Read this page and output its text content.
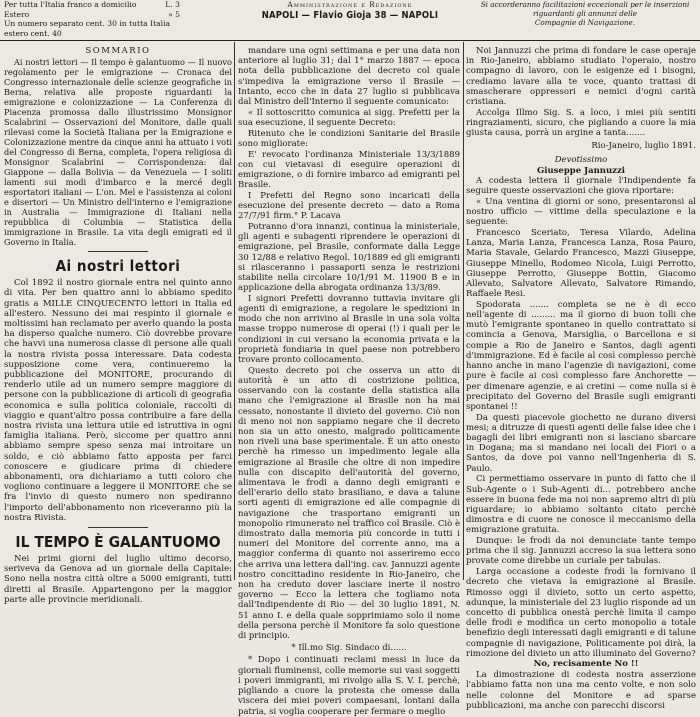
Per tutta l'Italia franco a domicilio	L. 3
Estero	» 5
Un numero separato cent. 30 in tutta Italia
estero cent. 40
Amministrazione e Redazione
NAPOLI — Flavio Gioja 38 — NAPOLI
Si accorderanno facilitazioni eccezionali per le inserzioni riguardanti gli annunzi delle
Compagnie di Navigazione.
SOMMARIO
Ai nostri lettori — Il tempo è galantuomo — Il nuovo regolamento per le emigrazione — Cronaca del Congresso internazionale delle scienze geografiche in Berna, relativa alle proposte riguardanti la emigrazione e colonizzazione — La Conferenza di Piacenza promossa dallo illustrissimo Monsignor Scalabrini — Osservazioni del Monitore, dalle quali rilevasi come la Società Italiana per la Emigrazione e Colonizzazione mentre da cinque anni ha attuato i voti del Congresso di Berna, completa, l'opera religiosa di Monsignor Scalabrini — Corrispondenza: dal Giappone — dalla Bolivia — da Venezuela — I soliti lamenti sui modi d'imbarco e la mercé degli esportatori italiani — L'on. Mel e l'assistenza ai coloni e disertori — Un Ministro dell'interno e l'emigrazione in Australia — Immigrazione di Italiani nella repubblica di Columbia — Statistica della immigrazione in Brasile. La vita degli emigrati ed il Governo in Italia.
Ai nostri lettori

Col 1892 il nostro giornale entra nel quinto anno di vita. Per ben quattro anni lo abbiamo spedito gratis a MILLE CINQUECENTO lettori in Italia ed all'estero. Nessuno dei mai respinto il giornale e moltissimi han reclamato per averlo quando la posta ha disperso qualche numero. Ciò dovrebbe provare che havvi una numerosa classe di persone alle quali la nostra rivista possa interessare. Data codesta supposizione come vera, continueremo la pubblicazione del MONITORE, procurando di renderlo utile ad un numero sempre maggiore di persone con la pubblicazione di articoli di geografia economica e sulla politica coloniale, raccolti di viaggio e quant'altro possa contribuire a fare della nostra rivista una lettura utile ed istruttiva in ogni famiglia italiana. Però, siccome per quattro anni abbiamo sempre speso senza mai introitare un soldo, e ciò abbiamo fatto apposta per farci conoscere e giudicare prima di chiedere abbonamenti, ora dichiariamo a tutti coloro che vogliono continuare a leggere il MONITORE che se fra l'invio di questo numero non spediranno l'importo dell'abbonamento non riceveranno più la nostra Rivista.

IL TEMPO È GALANTUOMO

Nei primi giorni del luglio ultimo decorso, seriveva da Genova ad un giornale della Capitale: Sono nella nostra città oltre a 5000 emigranti, tutti diretti al Brasile. Appartengono per la maggior parte alle provincie meridionali.

mandare una ogni settimana e per una data non anteriore al luglio 31; dal 1° marzo 1887 — epoca nota della pubblicazione del decreto col quale s'impediva la emigrazione verso il Brasile — Intanto, ecco che in data 27 luglio si pubblicava dal Ministro dell'Interno il seguente comunicato:

« Il sottoscritto comunica ai sigg. Prefetti per la sua esecuzione, il seguente Decreto:

Ritenuto che le condizioni Sanitarie del Brasile sono migliorate:

E' revocato l'ordinanza Ministeriale 13/3/1889 con cui vietavasi di eseguire operazioni di emigrazione, o di fornire imbarco ad emigranti pel Brasile.

I Prefetti del Regno sono incaricati della esecuzione del presente decreto — dato a Roma 27/7/91 firm.° P. Lacava

Potranno d'ora innanzi, continua la ministeriale, gli agenti e subagenti riprendere le operazioni di emigrazione, pel Brasile, conformate dalla Legge 30 12/88 e relativo Regol. 10/1889 ed gli emigranti si rilasceranno i passaporti senza le restrizioni stabilite nella circolare 10/1/91 M. 11900 B e in applicazione della abrogata ordinanza 13/3/89.

I signori Prefetti dovranno tuttavia invitare gli agenti di emigrazione, a regolare le spedizioni in modo che non arrivino al Brasile in una sola volta masse troppo numerose di operai (!) i quali per le condizioni in cui versano la economia privata e la proprietà fondiaria in quel paese non potrebbero trovare pronto collocamento.

Questo decreto poi che osserva un atto di autorità è un atto di costrizione politica, osservando con la costante della statistica alla mano che l'emigrazione al Brasile non ha mai cessato, nonostante il divieto del governo. Ciò non di meno noi non sappiamo negare che il decreto non sia un atto onesto, malgrado politicamente non riveli una base sperimentale. È un atto onesto perchè ha rimesso un impedimento legale alla emigrazione al Brasile che oltre di non impedire nulla con discapito dell'autorità del governo, alimentava le frodi a danno degli emigranti e dell'erario dello stato brasiliano, e dava a talune sorti agenti di emigrazione ed alle compagnie di navigazione che trasportano emigranti un monopolio rimunerato nel traffico col Brasile. Ciò è dimostrato dalla memoria più concorde in tutti i numeri del Monitore del corrente anno, ma a maggior conferma di quanto noi asseriremo ecco che arriva una lettera dall'ing. cav. Jannuzzi agente nostro concittadino residente in Rio-Janeiro, che non ha creduto dover lasciare inerte il nostro governo — Ecco la lettera che togliamo nota dall'Indipendente di Rio — del 30 luglio 1891, N. 51 anno I. e della quale sopprimiamo solo il nome della persona perchè il Monitore fa solo questione di principio.

* Ill.mo Sig. Sindaco di......

* Dopo i continuati reclami messi in luce da giornali fluminensi, colle memorie sui vasi soggetti i poveri immigranti, mi rivolgo alla S. V. I. perchè, pigliando a cuore la protesta che omesse dalla viscera dei miei poveri compaesani, lontani dalla patria, si voglia cooperare per fermare o meglio

Noi Jannuzzi che prima di fondare le case operaje in Rio-Janeiro, abbiamo studiato l'operaio, nostro compagno di lavoro, con le esigenze ed i bisogni, crediamo lavare alla te voce, quanto trattasi di smascherare oppressori e nemici d'ogni carità cristiana.

Accolga Illmo Sig. S. a loco, i miei più sentiti ringraziamenti, sicuro, che pigliando a cuore la mia giusta causa, porrà un argine a tanta.......

Rio-Janeiro, luglio 1891.
Devotissimo
Giuseppe Jannuzzi

A codesta lettera il giornale l'Indipendente fa seguire queste osservazioni che giova riportare:

« Una ventina di giorni or sono, presentaronsi al nostro ufficio — vittime della speculazione e la seguente:

Francesco Sceriato, Teresa Vilardo, Adelina Lanza, Maria Lanza, Francesca Lanza, Rosa Pauro, Maria Stavale, Gelardo Francesco, Mazzi Giuseppe, Giuseppe Minello, Rodomeo Nicola, Luigi Perrotto, Giuseppe Perrotto, Giuseppe Bottin, Giacomo Allevato, Salvatore Allevato, Salvatore Rimando, Raffaele Resi.

Spodorata ....... completa se ne è di ecco nell'agente di ......... ma il giorno di buon tolli che mutò l'emigrante spontaneo in quello contrattato si comincia a Genova, Marsiglia, o Barcellona e si compie a Rio de Janeiro e Santos, dagli agenti d'immigrazione. Ed è facile al così complesso perchè hanno anche in mano l'agenzie di navigazioni, come pure è facile ai così complesso fare Anchorette — per dimenare agenzie, e ai cretini — come nulla si è precipitato del Governo del Brasile sugli emigranti spontanei !!

Da questi piacevole giochetto ne durano diversi mesi; a ditruzze di questi agenti delle false idee che i bagagli dei libri emigranti non si lasciano sbarcare in Dogana; ma si mandano nei locali dei Fiori o a Santos, da dove poi vanno nell'Ingenheria di S. Paulo.

Ci permettiamo osservare in punto di fatto che il Sub-Agente o i Sub-Agenti di... potrebbero anche essere in buona fede ma noi non sapremo altri di più riguardare; io abbiamo soltanto citato perchè dimostra e di cuore ne conosce il meccanismo della emigrazione gratuita.

Dunque: le frodi da noi denunciate tante tempo prima che il sig. Jannuzzi accreso la sua lettera sono provate come direbbe un curiale per tabulas.

Larga occasione a codeste frodi la fornivano il decreto che vietava la emigrazione al Brasile. Rimosso oggi il divieto, sotto un certo aspetto, adunque, la ministeriale del 23 luglio risponde ad un concetto di pubblica onestà perchè limita il campo delle frodi e modifica un certo monopolio a totale benefizio degli interessati dagli emigranti e di talune compagnie di navigazione, Politicamente poi dirà, la rimozione del divieto un atto illuminato del Governo?

No, recisamente No !!

La dimostrazione di codesta nostra asserzione l'abbiamo fatta non una ma cento volte, e non solo nelle colonne del Monitore e ad sparse pubblicazioni, ma anche con parecchi discorsi
